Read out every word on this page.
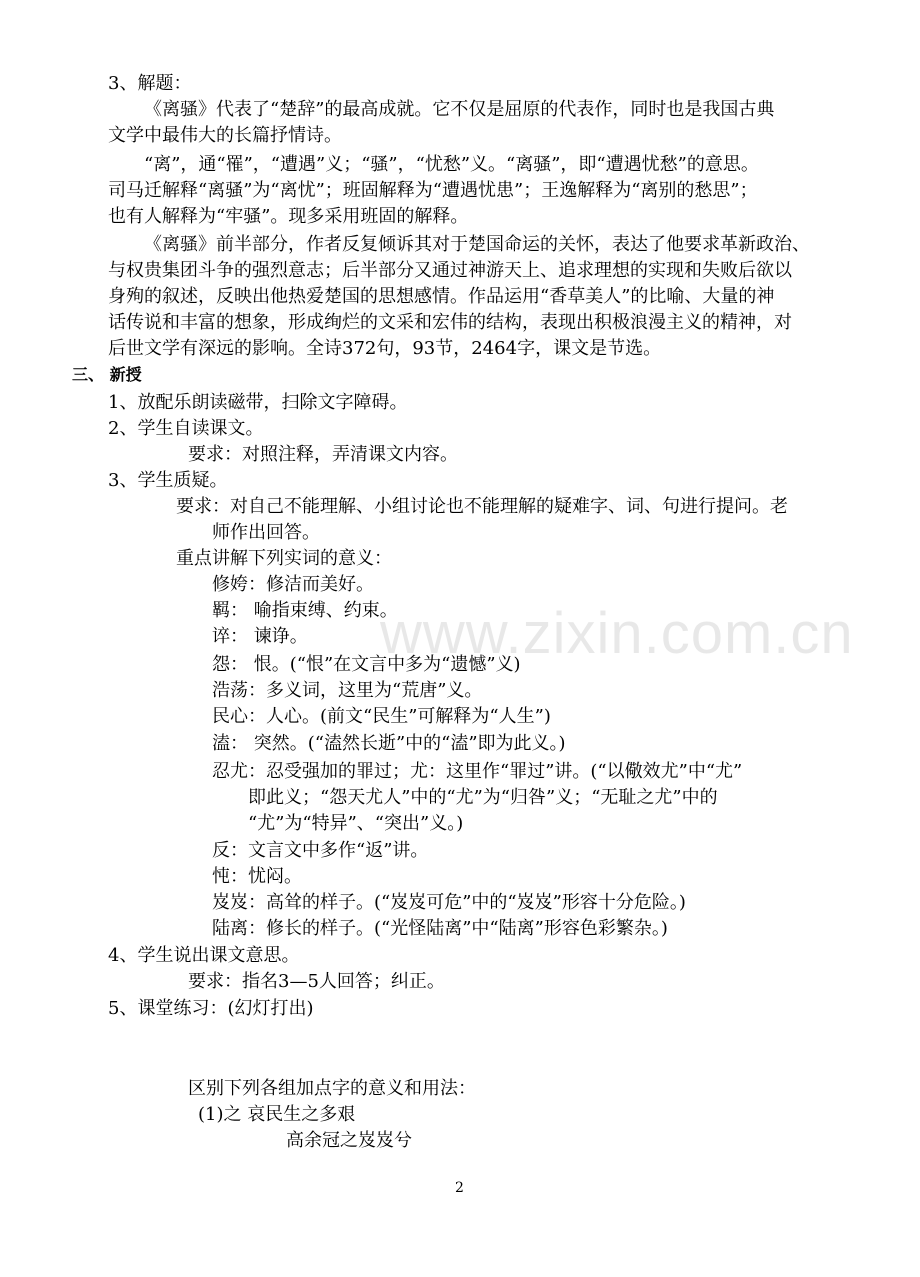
www.zixin.com.cn
3、解题：
《离骚》代表了“楚辞”的最高成就。它不仅是屈原的代表作，同时也是我国古典
文学中最伟大的长篇抒情诗。
“离”，通“罹”，“遭遇”义；“骚”，“忧愁”义。“离骚”，即“遭遇忧愁”的意思。
司马迁解释“离骚”为“离忧”；班固解释为“遭遇忧患”；王逸解释为“离别的愁思”；
也有人解释为“牢骚”。现多采用班固的解释。
《离骚》前半部分，作者反复倾诉其对于楚国命运的关怀，表达了他要求革新政治、
与权贵集团斗争的强烈意志；后半部分又通过神游天上、追求理想的实现和失败后欲以
身殉的叙述，反映出他热爱楚国的思想感情。作品运用“香草美人”的比喻、大量的神
话传说和丰富的想象，形成绚烂的文采和宏伟的结构，表现出积极浪漫主义的精神，对
后世文学有深远的影响。全诗372句，93节，2464字，课文是节选。
三、 新授
1、放配乐朗读磁带，扫除文字障碍。
2、学生自读课文。
要求：对照注释，弄清课文内容。
3、学生质疑。
要求：对自己不能理解、小组讨论也不能理解的疑难字、词、句进行提问。老
师作出回答。
重点讲解下列实词的意义：
修姱：修洁而美好。
羁： 喻指束缚、约束。
谇： 谏诤。
怨： 恨。(“恨”在文言中多为“遗憾”义)
浩荡：多义词，这里为“荒唐”义。
民心：人心。(前文“民生”可解释为“人生”)
溘： 突然。(“溘然长逝”中的“溘”即为此义。)
忍尤：忍受强加的罪过；尤：这里作“罪过”讲。(“以儆效尤”中“尤”
即此义；“怨天尤人”中的“尤”为“归咎”义；“无耻之尤”中的
“尤”为“特异”、“突出”义。)
反：文言文中多作“返”讲。
忳：忧闷。
岌岌：高耸的样子。(“岌岌可危”中的“岌岌”形容十分危险。)
陆离：修长的样子。(“光怪陆离”中“陆离”形容色彩繁杂。)
4、学生说出课文意思。
要求：指名3—5人回答；纠正。
5、课堂练习：(幻灯打出)
区别下列各组加点字的意义和用法：
(1)之 哀民生之多艰
高余冠之岌岌兮
2
